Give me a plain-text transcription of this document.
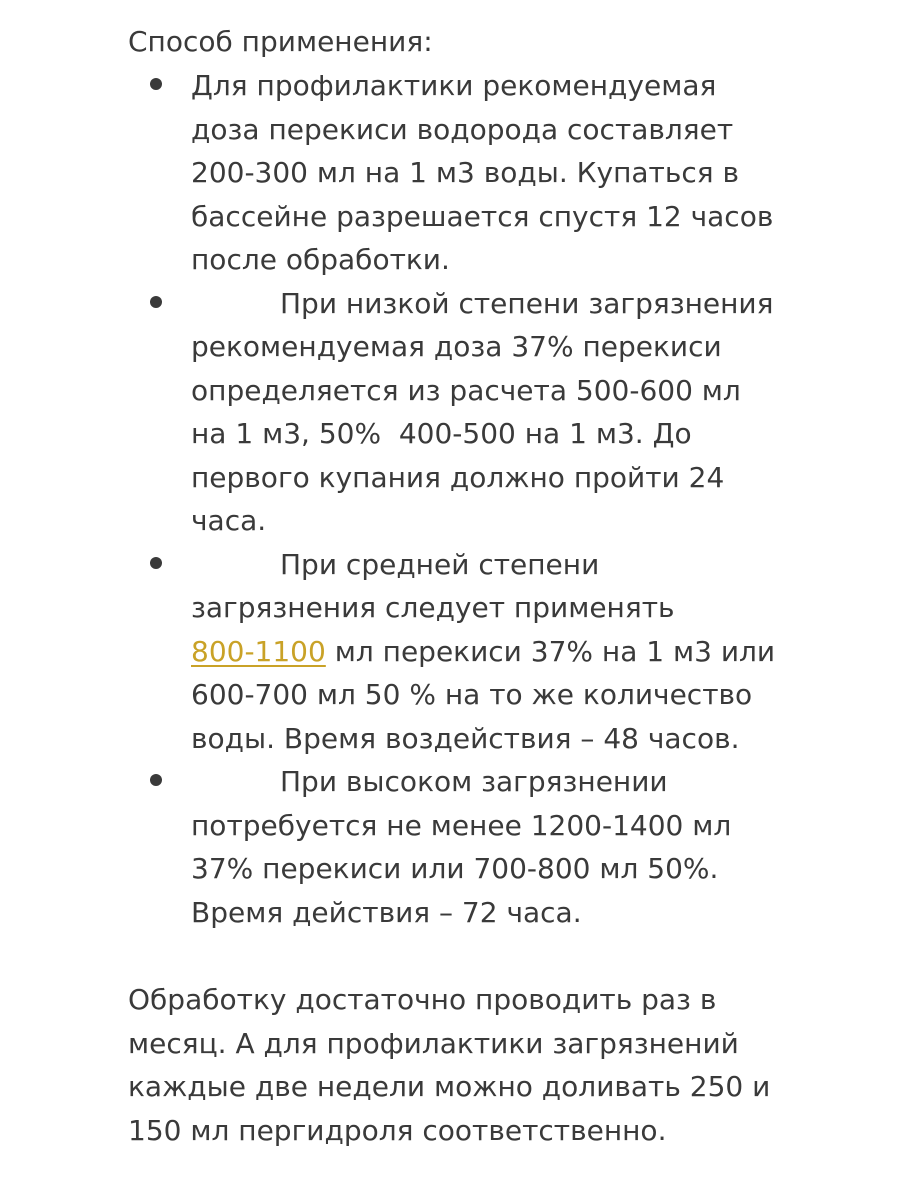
Способ применения:
Для профилактики рекомендуемая
доза перекиси водорода составляет
200-300 мл на 1 м3 воды. Купаться в
бассейне разрешается спустя 12 часов
после обработки.
При низкой степени загрязнения
рекомендуемая доза 37% перекиси
определяется из расчета 500-600 мл
на 1 м3, 50%  400-500 на 1 м3. До
первого купания должно пройти 24
часа.
При средней степени
загрязнения следует применять
800-1100 мл перекиси 37% на 1 м3 или
600-700 мл 50 % на то же количество
воды. Время воздействия – 48 часов.
При высоком загрязнении
потребуется не менее 1200-1400 мл
37% перекиси или 700-800 мл 50%.
Время действия – 72 часа.
Обработку достаточно проводить раз в
месяц. А для профилактики загрязнений
каждые две недели можно доливать 250 и
150 мл пергидроля соответственно.
